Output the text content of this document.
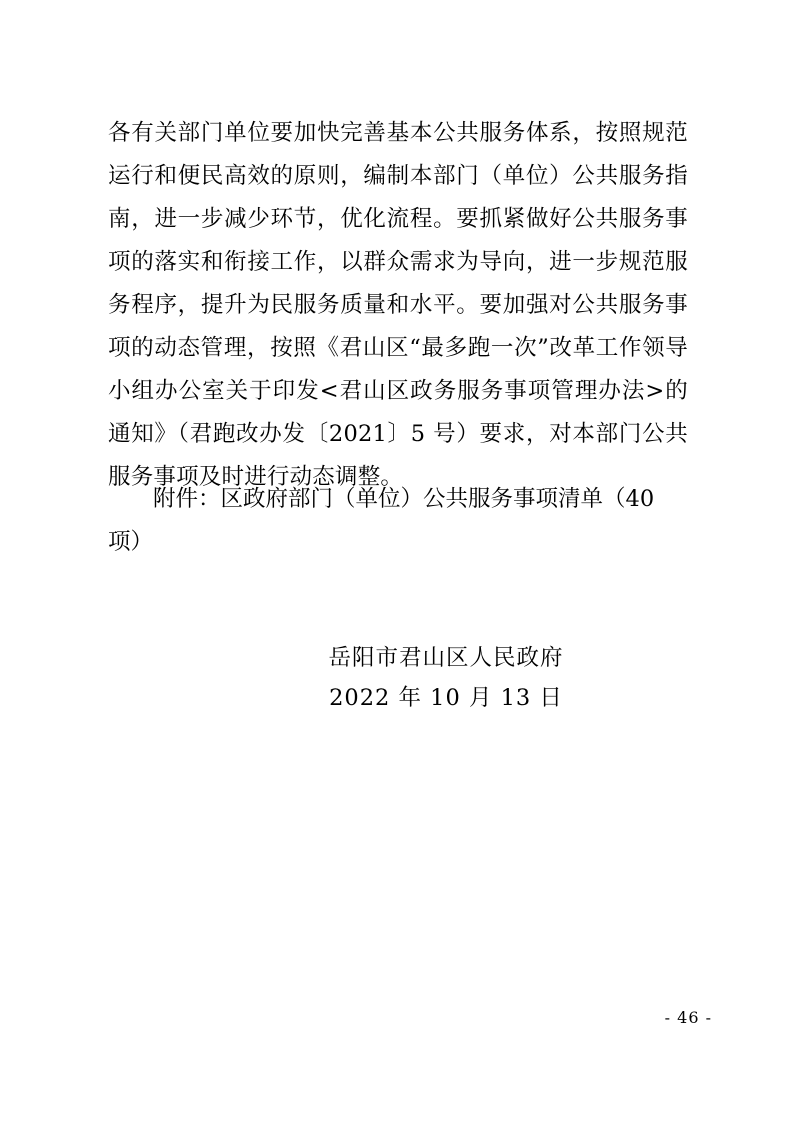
各有关部门单位要加快完善基本公共服务体系，按照规范运行和便民高效的原则，编制本部门（单位）公共服务指南，进一步减少环节，优化流程。要抓紧做好公共服务事项的落实和衔接工作，以群众需求为导向，进一步规范服务程序，提升为民服务质量和水平。要加强对公共服务事项的动态管理，按照《君山区“最多跑一次”改革工作领导小组办公室关于印发<君山区政务服务事项管理办法>的通知》（君跑改办发〔2021〕5 号）要求，对本部门公共服务事项及时进行动态调整。

附件：区政府部门（单位）公共服务事项清单（40 项）
岳阳市君山区人民政府
2022 年 10 月 13 日
- 46 -
